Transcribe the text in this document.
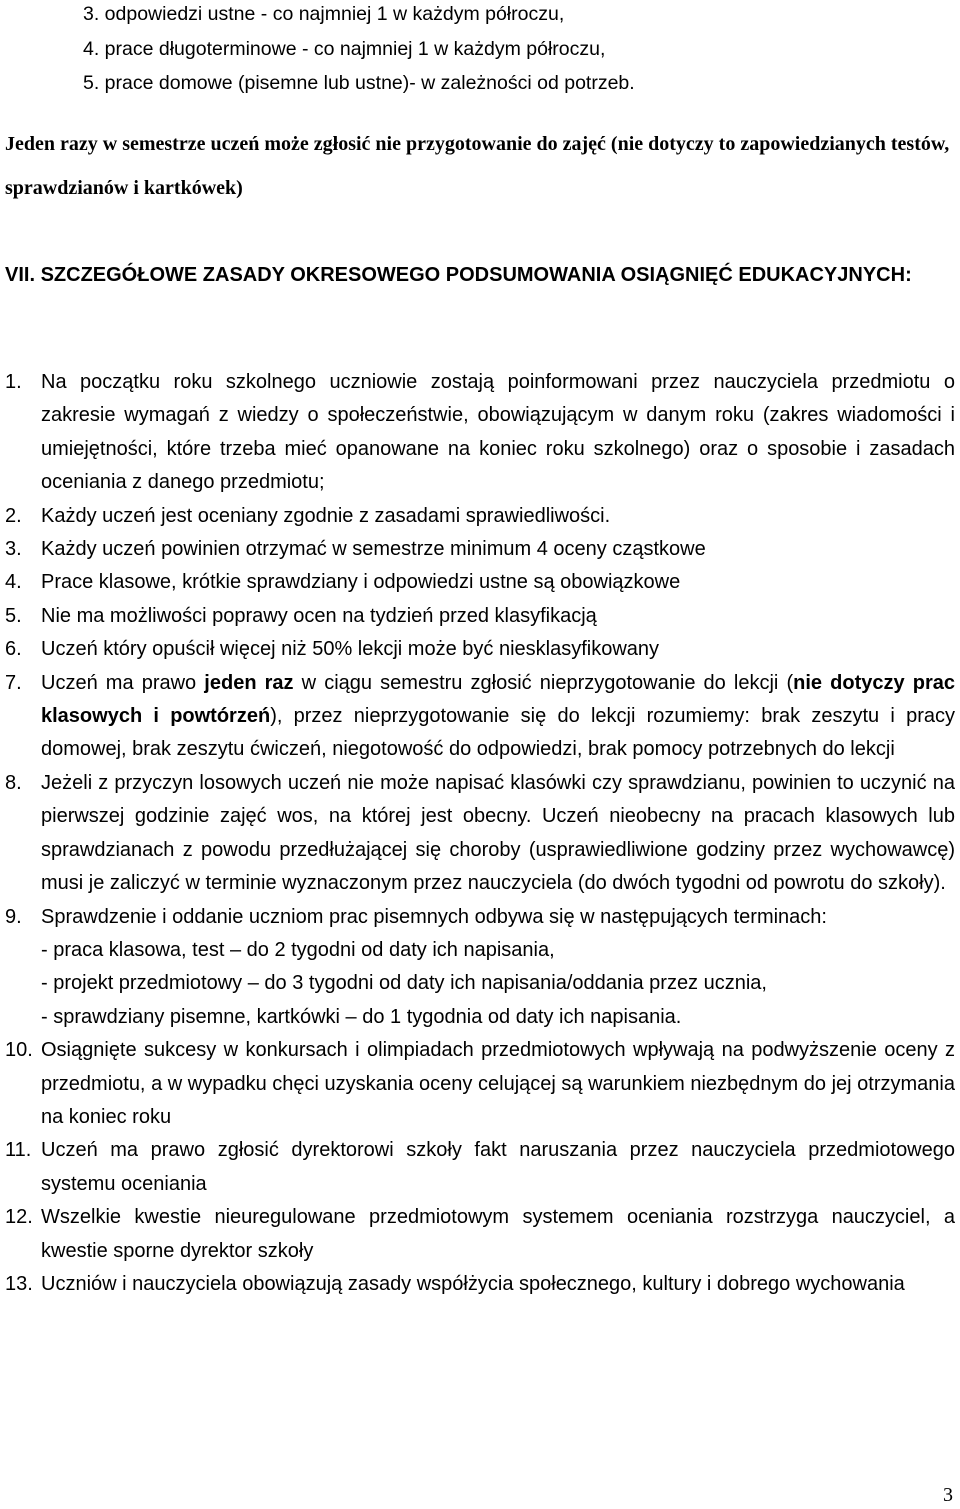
3. odpowiedzi ustne - co najmniej 1 w każdym półroczu,
4. prace długoterminowe - co najmniej 1 w każdym półroczu,
5. prace domowe (pisemne lub ustne)- w zależności od potrzeb.

Jeden razy w semestrze uczeń może zgłosić nie przygotowanie do zajęć (nie dotyczy to zapowiedzianych testów, sprawdzianów i kartkówek)

VII. SZCZEGÓŁOWE ZASADY OKRESOWEGO PODSUMOWANIA OSIĄGNIĘĆ EDUKACYJNYCH:
1. Na początku roku szkolnego uczniowie zostają poinformowani przez nauczyciela przedmiotu o zakresie wymagań z wiedzy o społeczeństwie, obowiązującym w danym roku (zakres wiadomości i umiejętności, które trzeba mieć opanowane na koniec roku szkolnego) oraz o sposobie i zasadach oceniania z danego przedmiotu;
2. Każdy uczeń jest oceniany zgodnie z zasadami sprawiedliwości.
3. Każdy uczeń powinien otrzymać w semestrze minimum 4 oceny cząstkowe
4. Prace klasowe, krótkie sprawdziany i odpowiedzi ustne są obowiązkowe
5. Nie ma możliwości poprawy ocen na tydzień przed klasyfikacją
6. Uczeń który opuścił więcej niż 50% lekcji może być niesklasyfikowany
7. Uczeń ma prawo jeden raz w ciągu semestru zgłosić nieprzygotowanie do lekcji (nie dotyczy prac klasowych i powtórzeń), przez nieprzygotowanie się do lekcji rozumiemy: brak zeszytu i pracy domowej, brak zeszytu ćwiczeń, niegotowość do odpowiedzi, brak pomocy potrzebnych do lekcji
8. Jeżeli z przyczyn losowych uczeń nie może napisać klasówki czy sprawdzianu, powinien to uczynić na pierwszej godzinie zajęć wos, na której jest obecny. Uczeń nieobecny na pracach klasowych lub sprawdzianach z powodu przedłużającej się choroby (usprawiedliwione godziny przez wychowawcę) musi je zaliczyć w terminie wyznaczonym przez nauczyciela (do dwóch tygodni od powrotu do szkoły).
9. Sprawdzenie i oddanie uczniom prac pisemnych odbywa się w następujących terminach:
- praca klasowa, test – do 2 tygodni od daty ich napisania,
- projekt przedmiotowy – do 3 tygodni od daty ich napisania/oddania przez ucznia,
- sprawdziany pisemne, kartkówki – do 1 tygodnia od daty ich napisania.
10. Osiągnięte sukcesy w konkursach i olimpiadach przedmiotowych wpływają na podwyższenie oceny z przedmiotu, a w wypadku chęci uzyskania oceny celującej są warunkiem niezbędnym do jej otrzymania na koniec roku
11. Uczeń ma prawo zgłosić dyrektorowi szkoły fakt naruszania przez nauczyciela przedmiotowego systemu oceniania
12. Wszelkie kwestie nieuregulowane przedmiotowym systemem oceniania rozstrzyga nauczyciel, a kwestie sporne dyrektor szkoły
13. Uczniów i nauczyciela obowiązują zasady współżycia społecznego, kultury i dobrego wychowania
3
